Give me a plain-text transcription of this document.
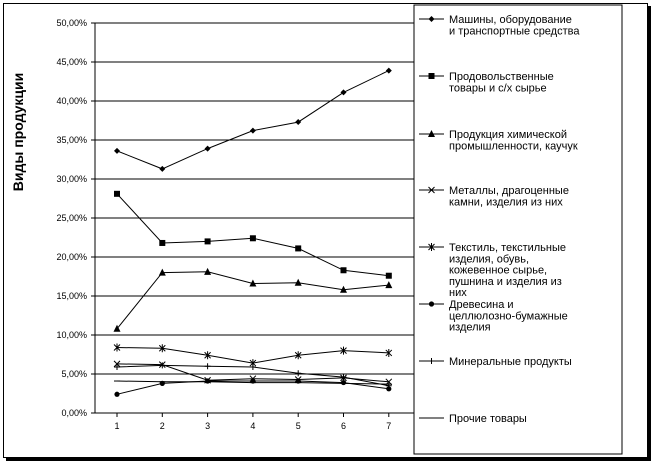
0,00%
5,00%
10,00%
15,00%
20,00%
25,00%
30,00%
35,00%
40,00%
45,00%
50,00%
1	2	3	4	5	6	7
Виды продукции
Машины, оборудование
и транспортные средства
Продовольственные
товары и с/х сырье
Продукция химической
промышленности, каучук
Металлы, драгоценные
камни, изделия из них
Текстиль, текстильные
изделия, обувь,
кожевенное сырье,
пушнина и изделия из
них
Древесина и
целлюлозно-бумажные
изделия
Минеральные продукты
Прочие товары
